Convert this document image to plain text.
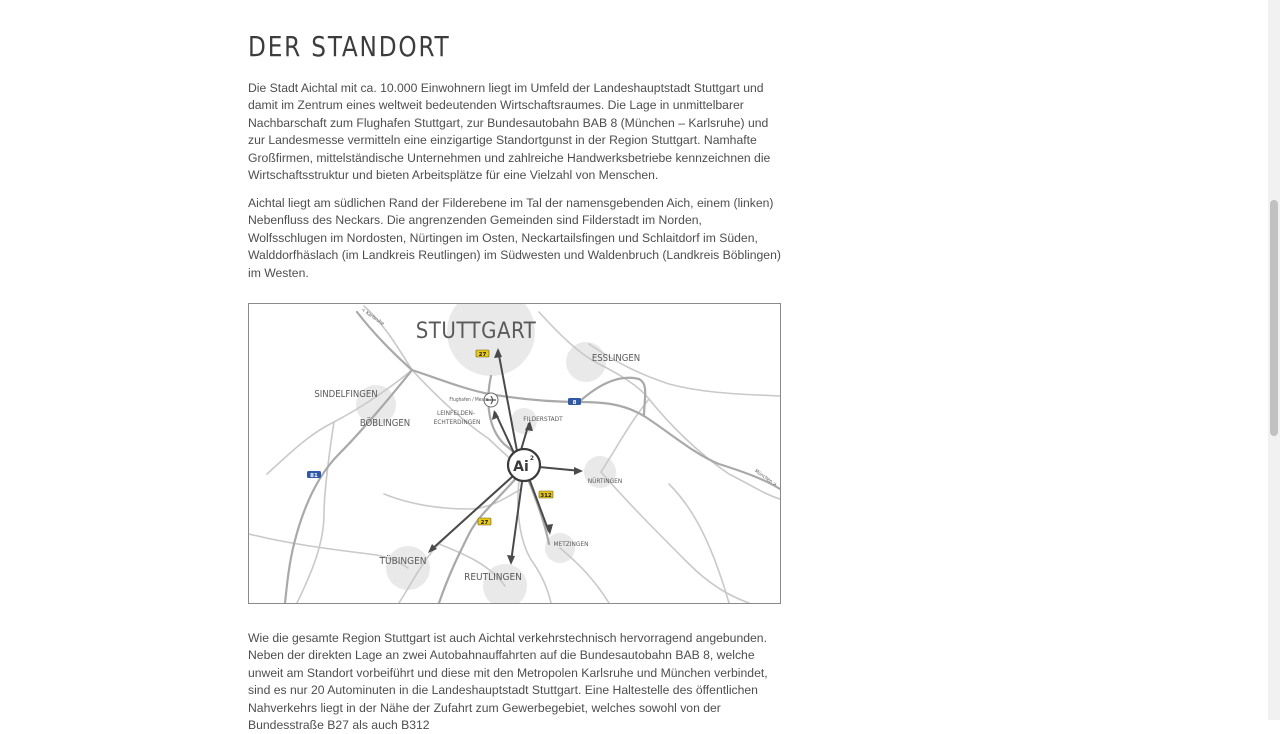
DER STANDORT

Die Stadt Aichtal mit ca. 10.000 Einwohnern liegt im Umfeld der Landeshauptstadt Stuttgart und damit im Zentrum eines weltweit bedeutenden Wirtschaftsraumes. Die Lage in unmittelbarer Nachbarschaft zum Flughafen Stuttgart, zur Bundesautobahn BAB 8 (München – Karlsruhe) und zur Landesmesse vermitteln eine einzigartige Standortgunst in der Region Stuttgart. Namhafte Großfirmen, mittelständische Unternehmen und zahlreiche Handwerksbetriebe kennzeichnen die Wirtschaftsstruktur und bieten Arbeitsplätze für eine Vielzahl von Menschen.

Aichtal liegt am südlichen Rand der Filderebene im Tal der namensgebenden Aich, einem (linken) Nebenfluss des Neckars. Die angrenzenden Gemeinden sind Filderstadt im Norden, Wolfsschlugen im Nordosten, Nürtingen im Osten, Neckartailsfingen und Schlaitdorf im Süden, Walddorfhäslach (im Landkreis Reutlingen) im Südwesten und Waldenbruch (Landkreis Böblingen) im Westen.

Ai
2
27
27
312
8
81
STUTTGART
ESSLINGEN
SINDELFINGEN
BÖBLINGEN
LEINFELDEN-
ECHTERDINGEN	FILDERSTADT
NÜRTINGEN
METZINGEN
TÜBINGEN
REUTLINGEN
Flughafen / Messe
< Karlsruhe
München >

Wie die gesamte Region Stuttgart ist auch Aichtal verkehrstechnisch hervorragend angebunden. Neben der direkten Lage an zwei Autobahnauffahrten auf die Bundesautobahn BAB 8, welche unweit am Standort vorbeiführt und diese mit den Metropolen Karlsruhe und München verbindet, sind es nur 20 Autominuten in die Landeshauptstadt Stuttgart. Eine Haltestelle des öffentlichen Nahverkehrs liegt in der Nähe der Zufahrt zum Gewerbegebiet, welches sowohl von der Bundesstraße B27 als auch B312
